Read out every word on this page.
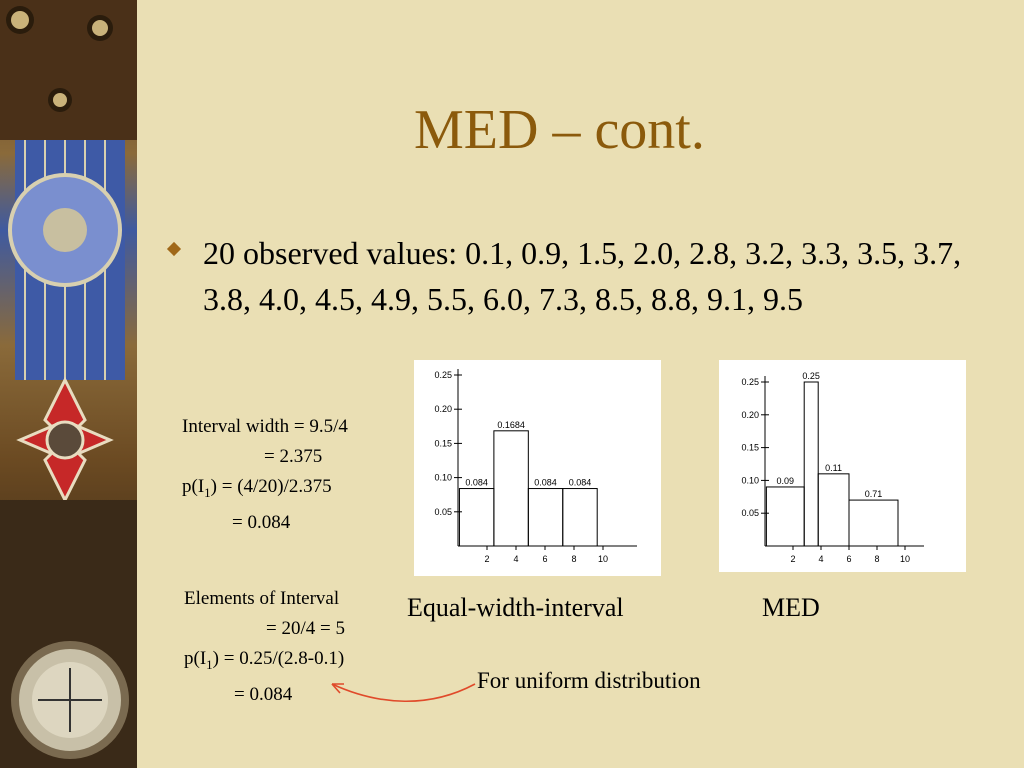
MED – cont.
20 observed values: 0.1, 0.9, 1.5, 2.0, 2.8, 3.2, 3.3, 3.5, 3.7, 3.8, 4.0, 4.5, 4.9, 5.5, 6.0, 7.3, 8.5, 8.8, 9.1, 9.5
Interval width = 9.5/4
= 2.375
$p(I_1) = (4/20)/2.375$
= 0.084
Elements of Interval
= 20/4 = 5
$p(I_1) = 0.25/(2.8-0.1)$
= 0.084
0.25
0.20
0.15
0.10
0.05
2	4	6	8 10
0.084
0.1684
0.084 0.084
0.25
0.20
0.15
0.10
0.05
2	4	6	8 10
0.09
0.25
0.11
0.71
Equal-width-interval	MED
For uniform distribution
